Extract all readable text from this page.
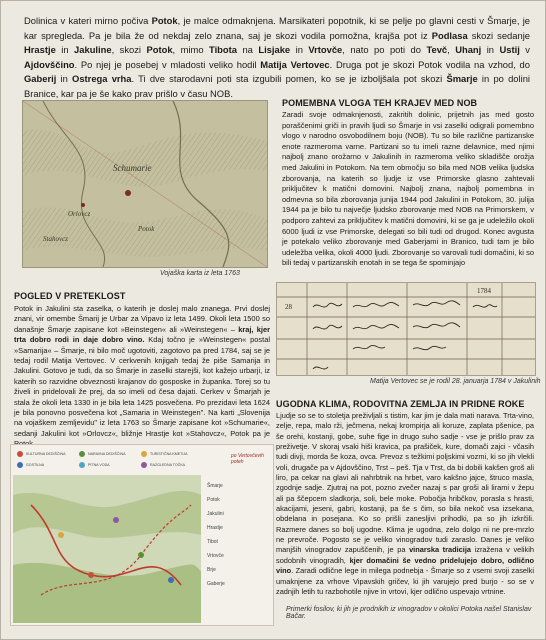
Dolinica v kateri mirno počiva Potok, je malce odmaknjena. Marsikateri popotnik, ki se pelje po glavni cesti v Šmarje, je kar spregleda. Pa je bila že od nekdaj zelo znana, saj je skozi vodila pomožna, krajša pot iz Podlasa skozi sedanje Hrastje in Jakuline, skozi Potok, mimo Tibota na Lisjake in Vrtovče, nato po poti do Tevč, Uhanj in Ustij v Ajdovščino. Po njej je posebej v mladosti veliko hodil Matija Vertovec. Druga pot je skozi Potok vodila na vzhod, do Gaberij in Ostrega vrha. Ti dve starodavni poti sta izgubili pomen, ko se je izboljšala pot skozi Šmarje in po dolini Branice, kar pa je še kako prav prišlo v času NOB.
Schumarie
Orlovcz
Potok
Stahovcz
Vojaška karta iz leta 1763
POMEMBNA VLOGA TEH KRAJEV MED NOB
Zaradi svoje odmaknjenosti, zakritih dolinic, prijetnih jas med gosto poraščenimi griči in pravih ljudi so Šmarje in vsi zaselki odigrali pomembno vlogo v narodno osvobodilnem boju (NOB). Tu so bile različne partizanske enote razmeroma varne. Partizani so tu imeli razne delavnice, med njimi najbolj znano orožarno v Jakulinih in razmeroma veliko skladišče orožja med Jakulini in Potokom. Na tem območju so bila med NOB velika ljudska zborovanja, na katerih so ljudje iz vse Primorske glasno zahtevali priključitev k matični domovini. Najbolj znana, najbolj pomembna in odmevna so bila zborovanja junija 1944 pod Jakulini in Potokom, 30. julija 1944 pa je bilo tu največje ljudsko zborovanje med NOB na Primorskem, v podporo zahtevi za priključitev k matični domovini, ki se ga je udeležilo okoli 6000 ljudi iz vse Primorske, delegati so bili tudi od drugod. Konec avgusta je potekalo veliko zborovanje med Gaberjami in Branico, tudi tam je bilo udeležba velika, okoli 4000 ljudi. Zborovanje so varovali tudi domačini, ki so bili tedaj v partizanskih enotah in se tega še spominjajo
1784
28
Matija Vertovec se je rodil 28. januarja 1784 v Jakulinih
POGLED V PRETEKLOST
Potok in Jakulini sta zaselka, o katerih je doslej malo znanega. Prvi doslej znani, vir omembe Šmarij je Urbar za Vipavo iz leta 1499. Okoli leta 1500 so današnje Šmarje zapisane kot »Beinstegen« ali »Weinstegen« – kraj, kjer trta dobro rodi in daje dobro vino. Kdaj točno je »Weinstegen« postal »Samarija« – Šmarje, ni bilo moč ugotoviti, zagotovo pa pred 1784, saj se je tedaj rodil Matija Vertovec. V cerkvenih knjigah tedaj že piše Samarija in Jakulini. Gotovo je tudi, da so Šmarje in zaselki starejši, kot kažejo urbarji, iz katerih so razvidne obveznosti krajanov do gosposke in županka. Torej so tu živeli in pridelovali že prej, da so imeli od česa dajati. Cerkev v Šmarjah je stala že okoli leta 1330 in je bila leta 1425 posvečena. Po prezidavi leta 1624 je bila ponovno posvečena kot „Samaria in Weinstegen". Na karti „Slovenija na vojaškem zemljevidu" iz leta 1763 so Šmarje zapisane kot »Schumarie«, sedanji Jakulini kot »Orlovcz«, bližnje Hrastje kot »Stahovcz«, Potok pa je
UGODNA KLIMA, RODOVITNA ZEMLJA IN PRIDNE ROKE
Ljudje so se to stoletja preživljali s tistim, kar jim je dala mati narava. Trta-vino, zelje, repa, malo rži, ječmena, nekaj krompirja ali koruze, zaplata pšenice, pa še orehi, kostanji, gobe, suhe fige in drugo suho sadje - vse je prišlo prav za preživetje. V skoraj vsaki hiši kravica, pa prašiček, kure, domači zajci - včasih tudi divji, morda še koza, ovca. Prevoz s težkimi poljskimi vozmi, ki so jih vlekli voli, drugače pa v Ajdovščino, Trst – peš. Tja v Trst, da bi dobili kakšen groš ali liro, pa cekar na glavi ali nahrbtnik na hrbet, varo kakšno jajce, štruco masla, zgodnje sadje. Zjutraj na pot, pozno zvečer nazaj s par groši ali lirami v žepu ali pa ščepcem sladkorja, soli, bele moke. Pobočja hribčkov, porasla s hrasti, akacijami, jeseni, gabri, kostanji, pa še s čim, so bila nekoč vsa izsekana, obdelana in posejana. Ko so prišli zanesljivi prihodki, pa so jih izkrčili. Razmere danes so bolj ugodne. Klima je ugodna, zelo dolgo ni ne pre-mrzlo ne prevroče. Pogosto se je veliko vinogradov tudi zaraslo. Danes je veliko manjših vinogradov zapuščenih, je pa vinarska tradicija izražena v velikih sodobnih vinogradih, kjer domačini še vedno pridelujejo dobro, odlično vino. Zaradi odlične lege in milega podnebja - Šmarje so z vsemi svoji zaselki umaknjene za vrhove Vipavskih gričev, ki jih varujejo pred burjo - so se v zadnjih letih tu razbohotile njive in vrtovi, kjer odlično uspevajo vrtnine.
Primerki fosilov, ki jih je prodnikih iz vinogradov v okolici Potoka našel Stanislav Bačar.
KULTURNA DEDIŠČINA	NARAVNA DEDIŠČINA	TURISTIČNA KMETIJA
GOSTILNA	PITNA VODA	RAZGLEDNA TOČKA
po Vertovčevih poteh
Šmarje
Potok
Jakulini
Hrastje
Tibot
Vrtovče
Brje
Gaberje
